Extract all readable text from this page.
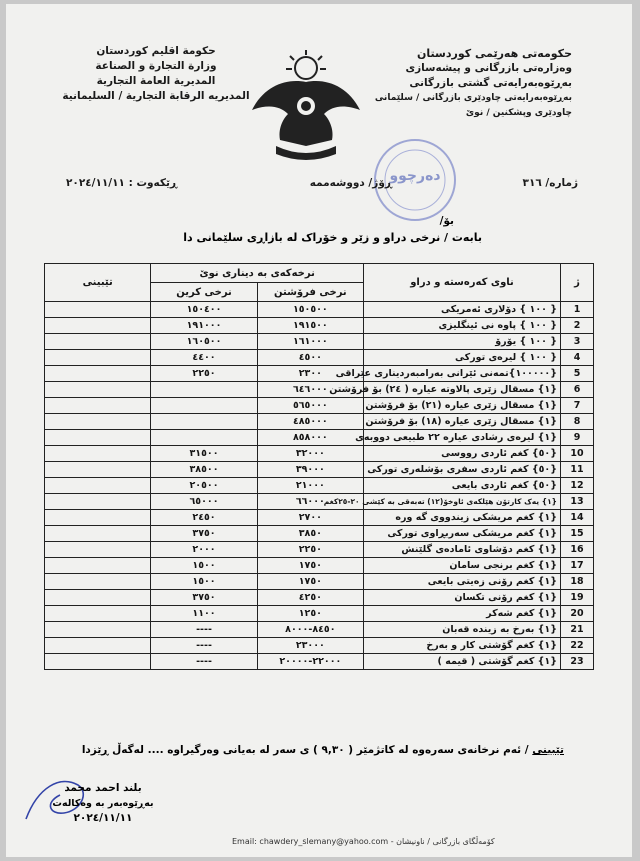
حکومەتی هەرێمی کوردستان
وەزارەتی بازرگانی و پیشەسازی
بەڕێوەبەرایەتی گشتی بازرگانی
بەڕێوەبەرایەتی چاودێری بازرگانی / سلێمانی
چاودێری وپشکنین / نوێ
حكومة اقليم كوردستان
وزارة التجارة و الصناعة
المديرية العامة التجارية
المديريه الرقابة التجارية / السليمانية
دەرچوو	ژمارە/ ٣١٦
ڕۆژ/ دووشەممە
ڕێکەوت : ٢٠٢٤/١١/١١
بۆ/
بابەت / نرخی دراو و زێر و خۆراک لە بازاڕی سلێمانی دا
ژ	ناوی کەرەستە و دراو	نرخەکەی بە دیناری نوێ		تێبینی
		نرخی فرۆشتن	نرخی کرین	
1	{ ١٠٠ } دۆلاری ئەمریکی	١٥٠٥٠٠	١٥٠٤٠٠	
2	{ ١٠٠ } پاوە نی ئینگلیزی	١٩١٥٠٠	١٩١٠٠٠	
3	{ ١٠٠ } یۆرۆ	١٦١٠٠٠	١٦٠٥٠٠	
4	{ ١٠٠ } لیرەی تورکی	٤٥٠٠	٤٤٠٠	
5	{١٠٠٠٠٠}تمەنی ئێرانی بەرامبەردیناری عێراقی	٢٣٠٠	٢٢٥٠	
6	{١} مسقال زێری پالاوتە عیارە ( ٢٤) بۆ فرۆشتن	٦٤٦٠٠٠		
7	{١} مسقال زێری عیارە (٢١) بۆ فرۆشتن	٥٦٥٠٠٠		
8	{١} مسقال زێری عیارە (١٨) بۆ فرۆشتن	٤٨٥٠٠٠		
9	{١} لیرەی رشادی عیارە ٢٢ طبیعی دووبەی	٨٥٨٠٠٠		
10	{٥٠} کغم ئاردی رووسی	٣٢٠٠٠	٣١٥٠٠	
11	{٥٠} کغم ئاردی سفری بۆشلەری تورکی	٣٩٠٠٠	٣٨٥٠٠	
12	{٥٠} کغم ئاردی بایعی	٢١٠٠٠	٢٠٥٠٠	
13	{١} یەک کارتۆن هێلکەی ئاوخۆ(١٢) تەبەقی بە کێشی ٢٠-٢٥کغم	٦٦٠٠٠	٦٥٠٠٠	
14	{١} کغم مریشکی زیندووی گە ورە	٢٧٠٠	٢٤٥٠	
15	{١} کغم مریشکی سەربڕاوی تورکی	٣٨٥٠	٣٧٥٠	
16	{١} کغم دۆشاوی ئامادەی گلێنش	٢٢٥٠	٢٠٠٠	
17	{١} کغم برنجی سامان	١٧٥٠	١٥٠٠	
18	{١} کغم رۆنی زەیتی بایعی	١٧٥٠	١٥٠٠	
19	{١} کغم رۆنی تکسان	٤٢٥٠	٣٧٥٠	
20	{١} کغم شەکر	١٢٥٠	١١٠٠	
21	{١} بەرخ بە زیندە قەبان	٨٤٥٠-٨٠٠٠	----	
22	{١} کغم گۆشتی کار و بەرخ	٢٣٠٠٠	----	
23	{١} کغم گۆشتی ( قیمە )	٢٢٠٠٠-٢٠٠٠٠	----	
تێبینی / ئەم نرخانەی سەرەوە لە کاتژمێر ( ٩,٣٠ ) ی سەر لە بەیانی وەرگیراوە .... لەگەڵ ڕێزدا
بلند احمد محمد
بەڕێوەبەر بە وەکالەت
٢٠٢٤/١١/١١
Email: chawdery_slemany@yahoo.com - کۆمەڵگای بازرگانی / ناونیشان
